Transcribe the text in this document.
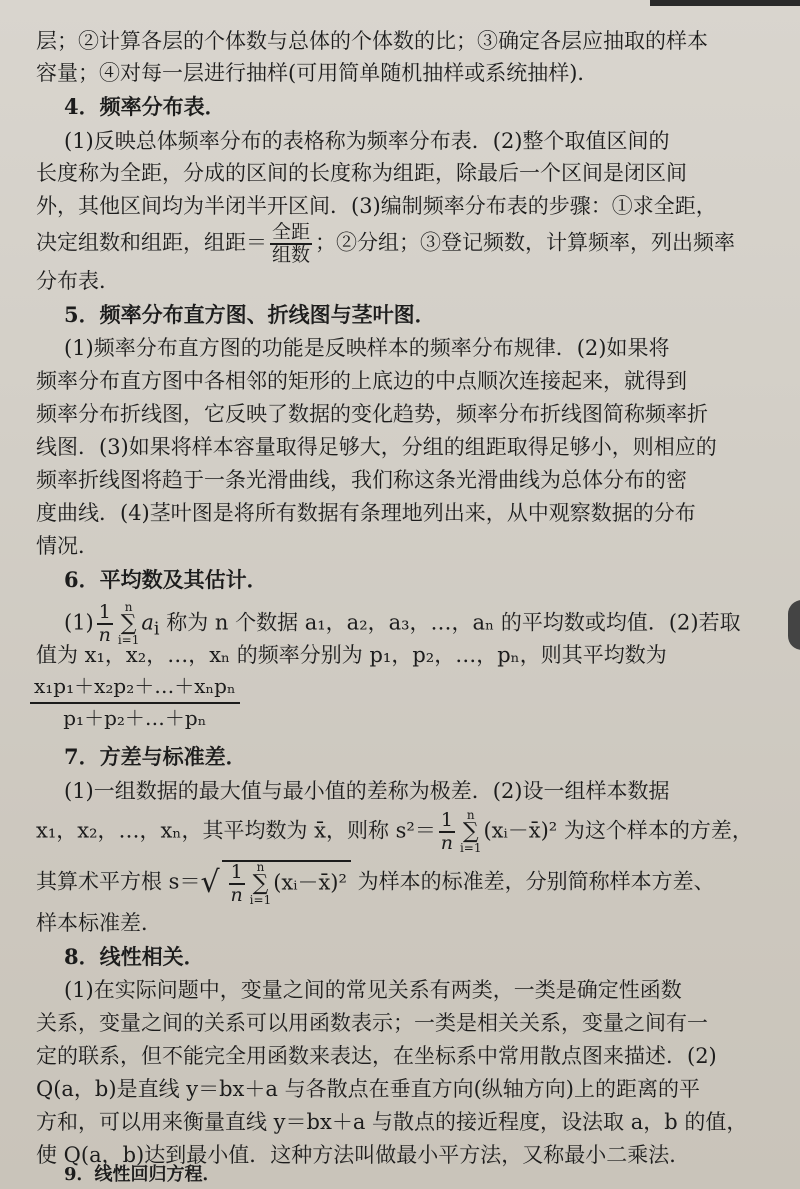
层；②计算各层的个体数与总体的个体数的比；③确定各层应抽取的样本
容量；④对每一层进行抽样(可用简单随机抽样或系统抽样)．
4．频率分布表．
(1)反映总体频率分布的表格称为频率分布表．(2)整个取值区间的
长度称为全距，分成的区间的长度称为组距，除最后一个区间是闭区间
外，其他区间均为半闭半开区间．(3)编制频率分布表的步骤：①求全距，
决定组数和组距，组距＝ $\frac{\text{全距}}{\text{组数}}$ ；②分组；③登记频数，计算频率，列出频率
分布表．
5．频率分布直方图、折线图与茎叶图．
(1)频率分布直方图的功能是反映样本的频率分布规律．(2)如果将
频率分布直方图中各相邻的矩形的上底边的中点顺次连接起来，就得到
频率分布折线图，它反映了数据的变化趋势，频率分布折线图简称频率折
线图．(3)如果将样本容量取得足够大，分组的组距取得足够小，则相应的
频率折线图将趋于一条光滑曲线，我们称这条光滑曲线为总体分布的密
度曲线．(4)茎叶图是将所有数据有条理地列出来，从中观察数据的分布
情况．
6．平均数及其估计．
$(1) \frac{1}{n}$ n
∑
$i=1a_i$ 称为 n 个数据 a₁，a₂，a₃，…，aₙ 的平均数或均值．(2)若取
值为 x₁，x₂，…，xₙ 的频率分别为 p₁，p₂，…，pₙ，则其平均数为
x₁p₁＋x₂p₂＋…＋xₙpₙ
p₁＋p₂＋…＋pₙ
7．方差与标准差．
(1)一组数据的最大值与最小值的差称为极差．(2)设一组样本数据
x₁，x₂，…，xₙ，其平均数为 x̄，则称 $s^2= \frac{1}{n}$ n
∑
i=1(xᵢ－x̄)² 为这个样本的方差，
其算术平方根 $s=√ \frac{1}{n}$ n
∑
i=1(xᵢ－x̄)² 为样本的标准差，分别简称样本方差、
样本标准差．
8．线性相关．
(1)在实际问题中，变量之间的常见关系有两类，一类是确定性函数
关系，变量之间的关系可以用函数表示；一类是相关关系，变量之间有一
定的联系，但不能完全用函数来表达，在坐标系中常用散点图来描述．(2)
Q(a，b)是直线 y＝bx＋a 与各散点在垂直方向(纵轴方向)上的距离的平
方和，可以用来衡量直线 y＝bx＋a 与散点的接近程度，设法取 a，b 的值，
使 Q(a，b)达到最小值．这种方法叫做最小平方法，又称最小二乘法．
9．线性回归方程．
